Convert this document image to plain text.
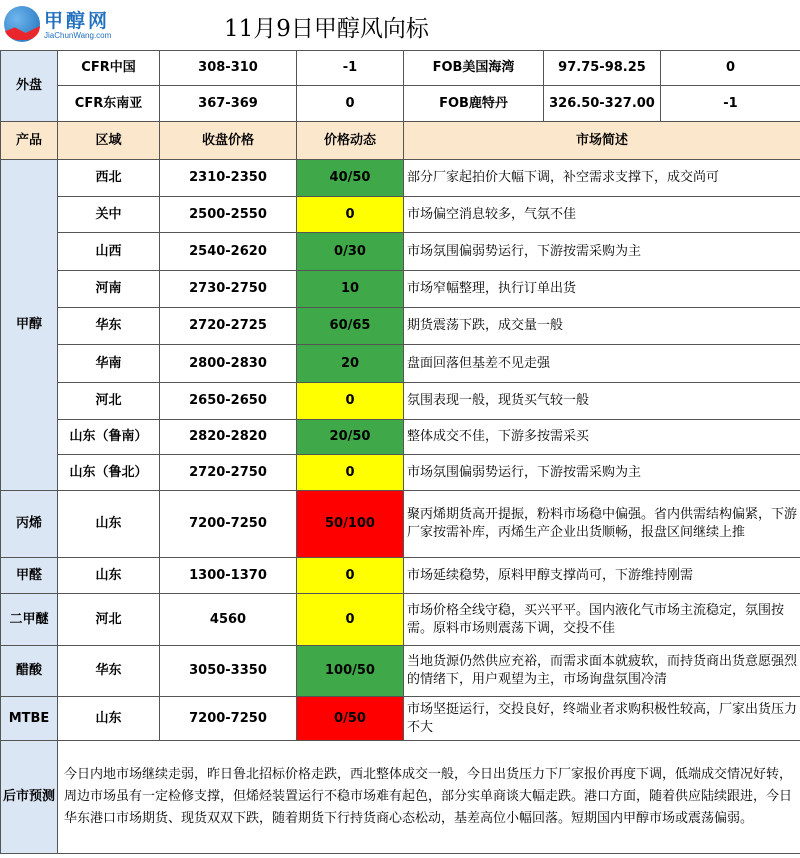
甲醇网
JiaChunWang.com	11月9日甲醇风向标
外盘	CFR中国	308-310	-1	FOB美国海湾	97.75-98.25	0
	CFR东南亚	367-369	0	FOB鹿特丹	326.50-327.00	-1
产品	区域	收盘价格	价格动态	市场简述		
甲醇	西北	2310-2350	40/50	部分厂家起拍价大幅下调，补空需求支撑下，成交尚可		
	关中	2500-2550	0	市场偏空消息较多，气氛不佳		
	山西	2540-2620	0/30	市场氛围偏弱势运行，下游按需采购为主		
	河南	2730-2750	10	市场窄幅整理，执行订单出货		
	华东	2720-2725	60/65	期货震荡下跌，成交量一般		
	华南	2800-2830	20	盘面回落但基差不见走强		
	河北	2650-2650	0	氛围表现一般，现货买气较一般		
	山东（鲁南）	2820-2820	20/50	整体成交不佳，下游多按需采买		
	山东（鲁北）	2720-2750	0	市场氛围偏弱势运行，下游按需采购为主		
丙烯	山东	7200-7250	50/100	聚丙烯期货高开提振，粉料市场稳中偏强。省内供需结构偏紧，下游厂家按需补库，丙烯生产企业出货顺畅，报盘区间继续上推		
甲醛	山东	1300-1370	0	市场延续稳势，原料甲醇支撑尚可，下游维持刚需		
二甲醚	河北	4560	0	市场价格全线守稳，买兴平平。国内液化气市场主流稳定，氛围按需。原料市场则震荡下调，交投不佳		
醋酸	华东	3050-3350	100/50	当地货源仍然供应充裕，而需求面本就疲软，而持货商出货意愿强烈的情绪下，用户观望为主，市场询盘氛围冷清		
MTBE	山东	7200-7250	0/50	市场坚挺运行，交投良好，终端业者求购积极性较高，厂家出货压力不大		
后市预测	今日内地市场继续走弱，昨日鲁北招标价格走跌，西北整体成交一般，今日出货压力下厂家报价再度下调，低端成交情况好转，周边市场虽有一定检修支撑，但烯烃装置运行不稳市场难有起色，部分实单商谈大幅走跌。港口方面，随着供应陆续跟进，今日华东港口市场期货、现货双双下跌，随着期货下行持货商心态松动，基差高位小幅回落。短期国内甲醇市场或震荡偏弱。					
